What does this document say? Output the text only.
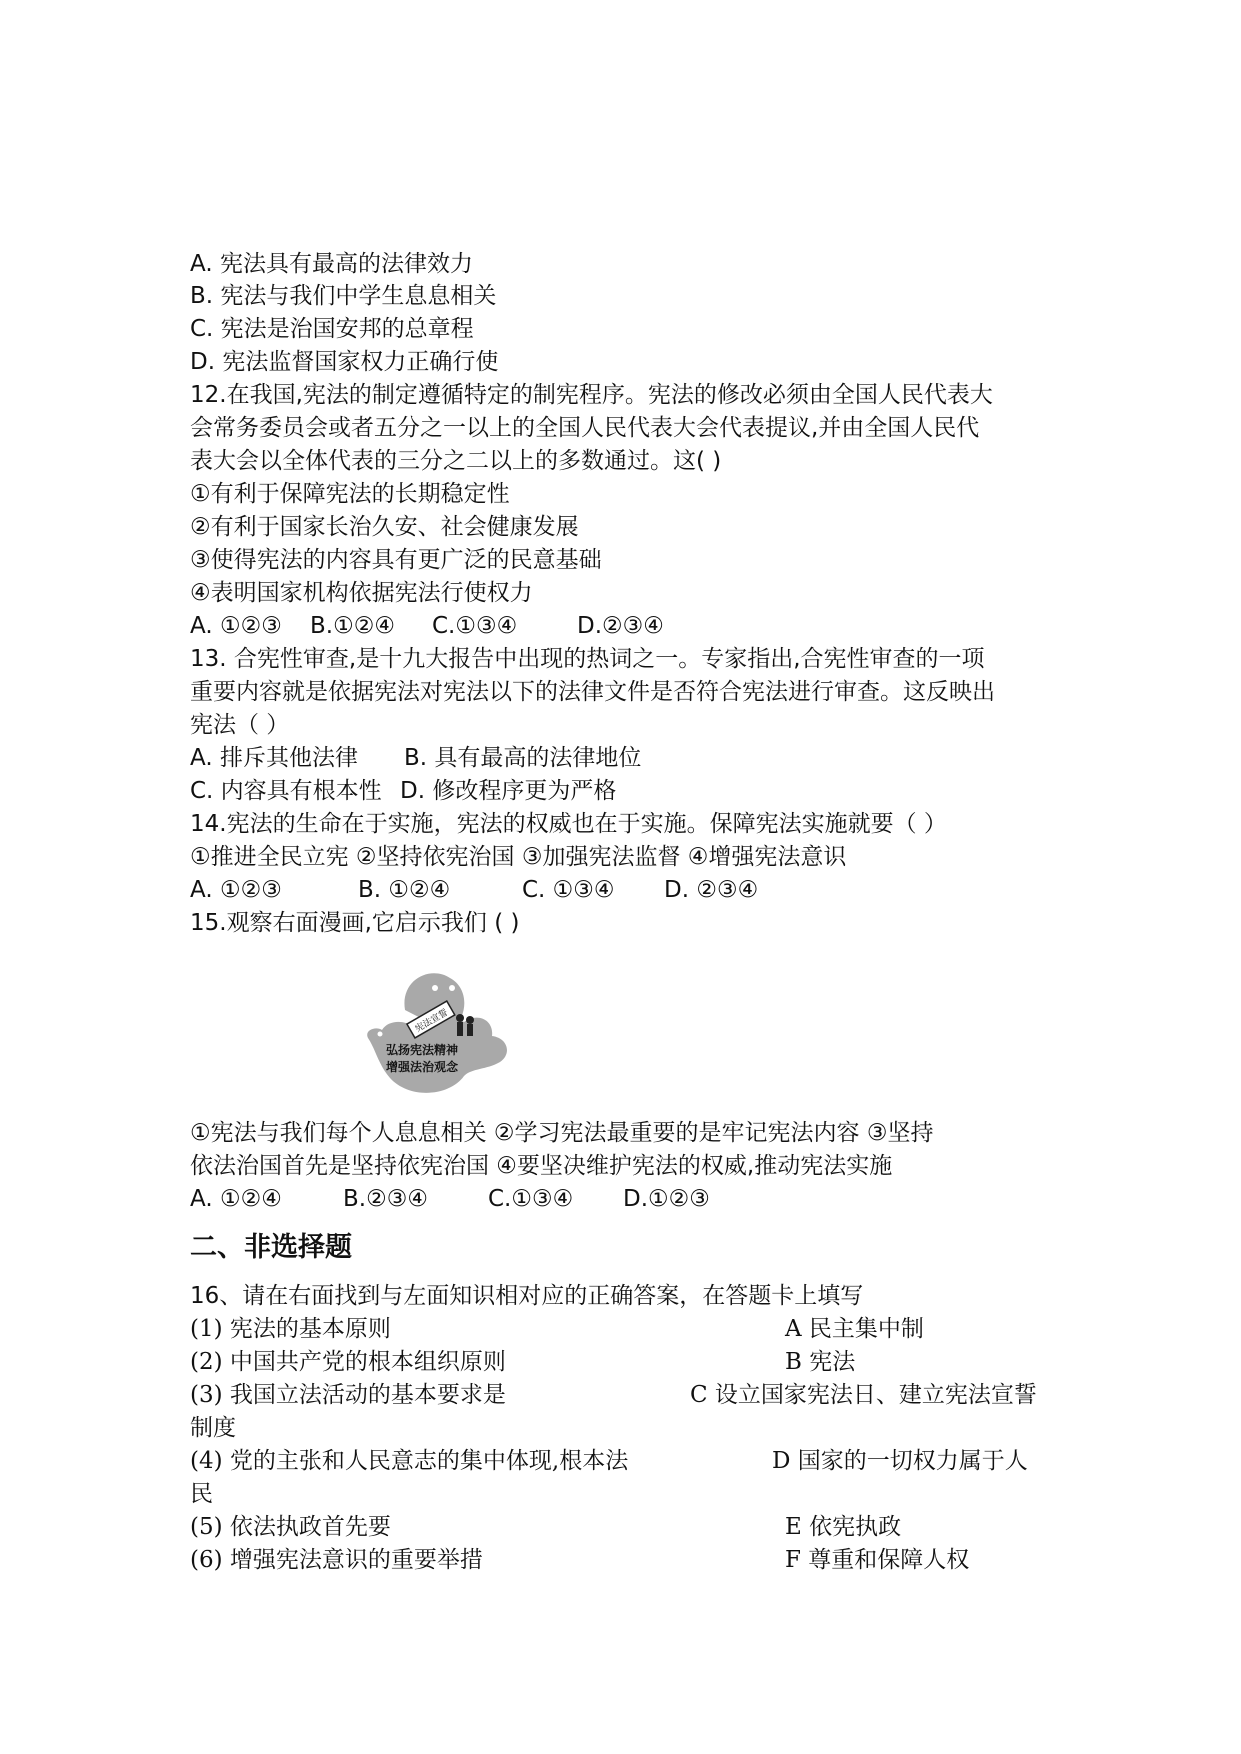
A. 宪法具有最高的法律效力
B. 宪法与我们中学生息息相关
C. 宪法是治国安邦的总章程
D. 宪法监督国家权力正确行使
12.在我国,宪法的制定遵循特定的制宪程序。宪法的修改必须由全国人民代表大
会常务委员会或者五分之一以上的全国人民代表大会代表提议,并由全国人民代
表大会以全体代表的三分之二以上的多数通过。这( )
①有利于保障宪法的长期稳定性
②有利于国家长治久安、社会健康发展
③使得宪法的内容具有更广泛的民意基础
④表明国家机构依据宪法行使权力
A. ①②③ B.①②④ C.①③④	D.②③④
13. 合宪性审查,是十九大报告中出现的热词之一。专家指出,合宪性审查的一项
重要内容就是依据宪法对宪法以下的法律文件是否符合宪法进行审查。这反映出
宪法（ ）
A. 排斥其他法律 B. 具有最高的法律地位
C. 内容具有根本性 D. 修改程序更为严格
14.宪法的生命在于实施，宪法的权威也在于实施。保障宪法实施就要（ ）
①推进全民立宪 ②坚持依宪治国 ③加强宪法监督 ④增强宪法意识
A. ①②③	B. ①②④	C. ①③④ D. ②③④
15.观察右面漫画,它启示我们 ( )
宪法宣誓
弘扬宪法精神
增强法治观念
①宪法与我们每个人息息相关 ②学习宪法最重要的是牢记宪法内容 ③坚持
依法治国首先是坚持依宪治国 ④要坚决维护宪法的权威,推动宪法实施
A. ①②④	B.②③④	C.①③④ D.①②③
二、非选择题
16、请在右面找到与左面知识相对应的正确答案，在答题卡上填写
(1) 宪法的基本原则	A 民主集中制
(2) 中国共产党的根本组织原则	B 宪法
(3) 我国立法活动的基本要求是	C 设立国家宪法日、建立宪法宣誓
制度
(4) 党的主张和人民意志的集中体现,根本法	D 国家的一切权力属于人
民
(5) 依法执政首先要	E 依宪执政
(6) 增强宪法意识的重要举措	F 尊重和保障人权
